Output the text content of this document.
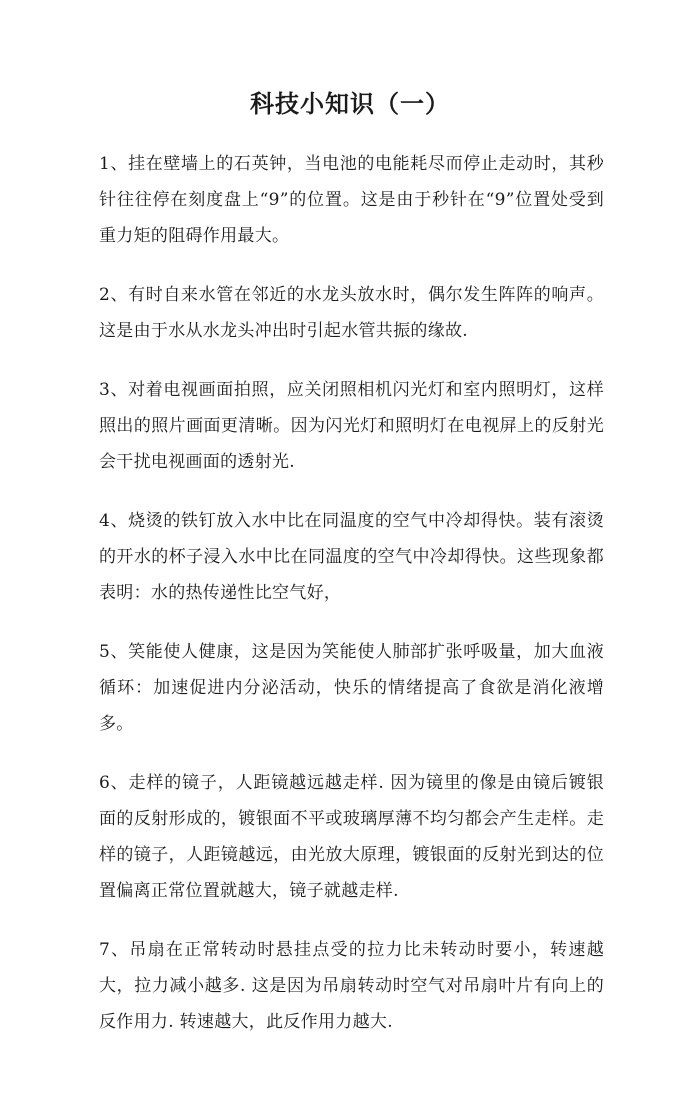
科技小知识（一）

1、挂在壁墙上的石英钟，当电池的电能耗尽而停止走动时，其秒针往往停在刻度盘上“9”的位置。这是由于秒针在“9”位置处受到重力矩的阻碍作用最大。

2、有时自来水管在邻近的水龙头放水时，偶尔发生阵阵的响声。这是由于水从水龙头冲出时引起水管共振的缘故.

3、对着电视画面拍照，应关闭照相机闪光灯和室内照明灯，这样照出的照片画面更清晰。因为闪光灯和照明灯在电视屏上的反射光会干扰电视画面的透射光.

4、烧烫的铁钉放入水中比在同温度的空气中冷却得快。装有滚烫的开水的杯子浸入水中比在同温度的空气中冷却得快。这些现象都表明：水的热传递性比空气好，

5、笑能使人健康，这是因为笑能使人肺部扩张呼吸量，加大血液循环：加速促进内分泌活动，快乐的情绪提高了食欲是消化液增多。

6、走样的镜子，人距镜越远越走样. 因为镜里的像是由镜后镀银面的反射形成的，镀银面不平或玻璃厚薄不均匀都会产生走样。走样的镜子，人距镜越远，由光放大原理，镀银面的反射光到达的位置偏离正常位置就越大，镜子就越走样.

7、吊扇在正常转动时悬挂点受的拉力比未转动时要小，转速越大，拉力减小越多. 这是因为吊扇转动时空气对吊扇叶片有向上的反作用力. 转速越大，此反作用力越大.
